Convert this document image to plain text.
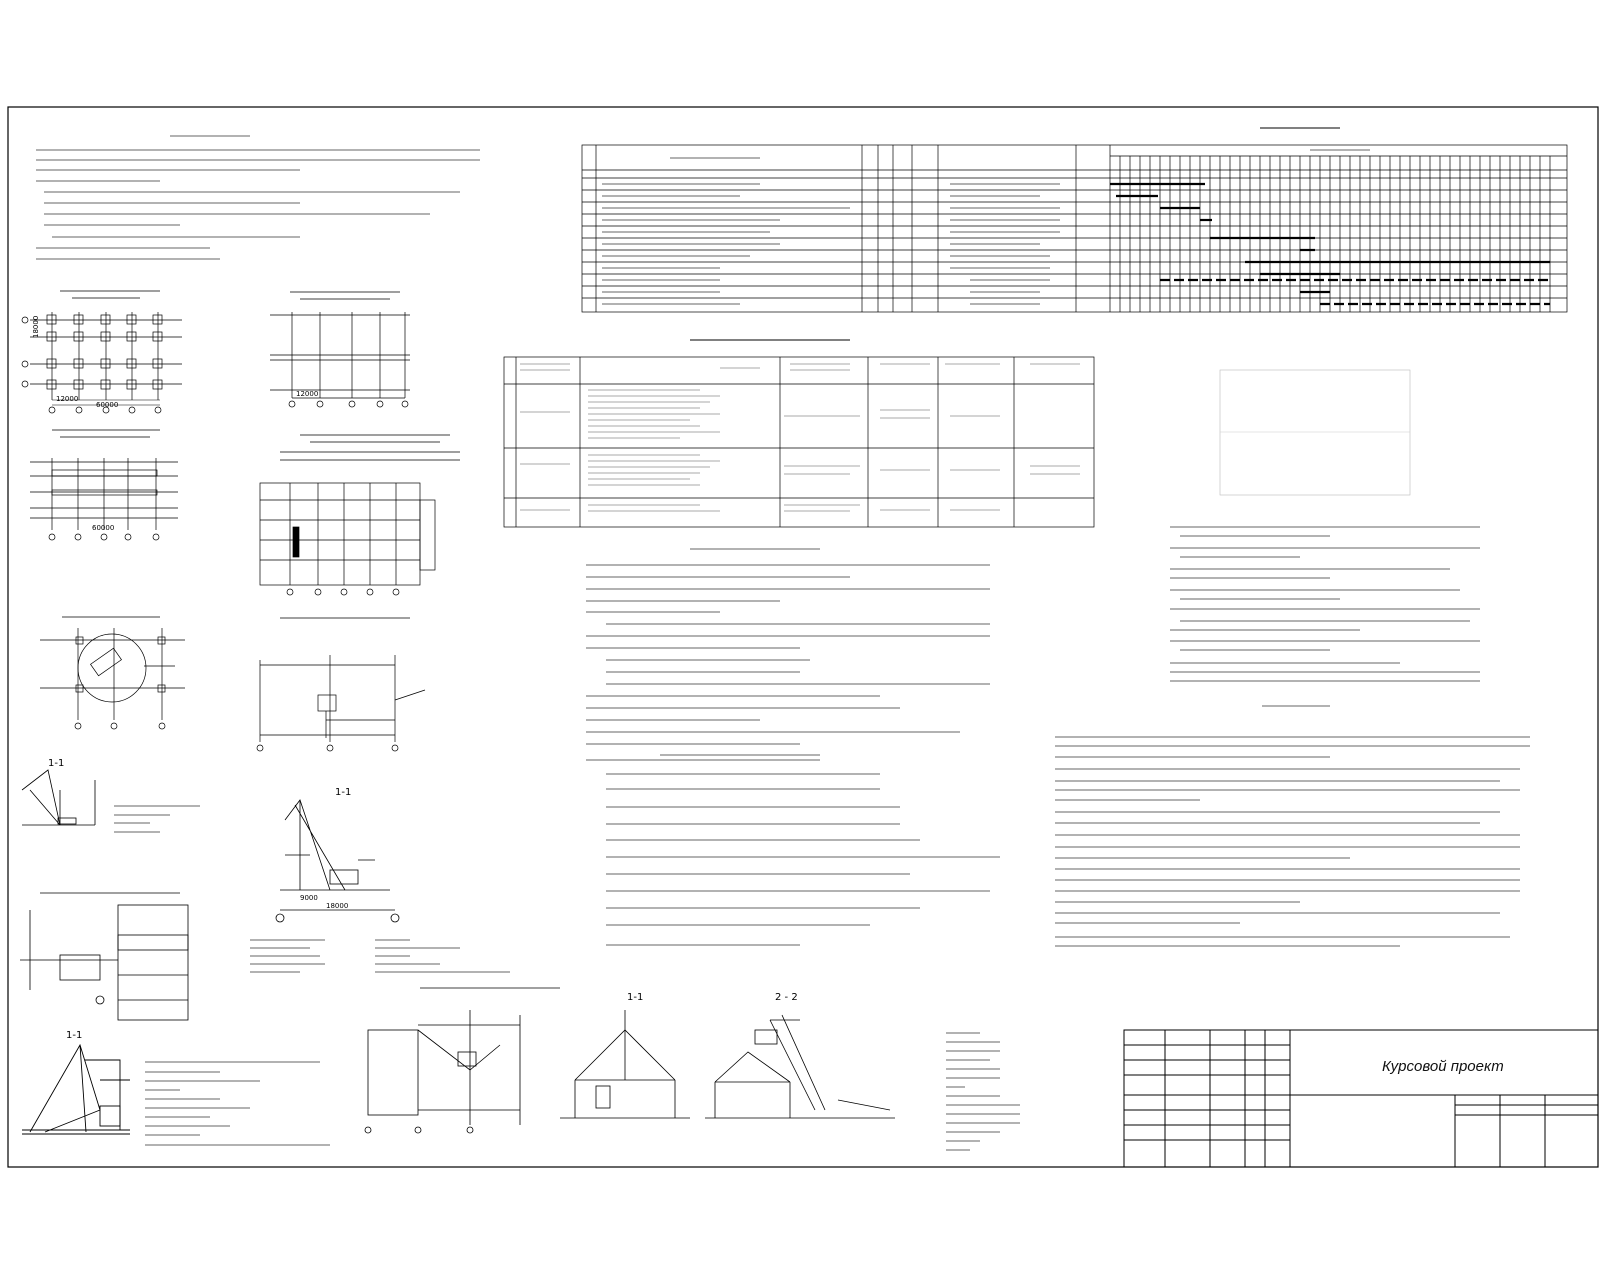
12000
60000
18000
12000
60000
1-1
1-1
18000
9000
1-1
1-1	2 - 2
Курсовой проект
